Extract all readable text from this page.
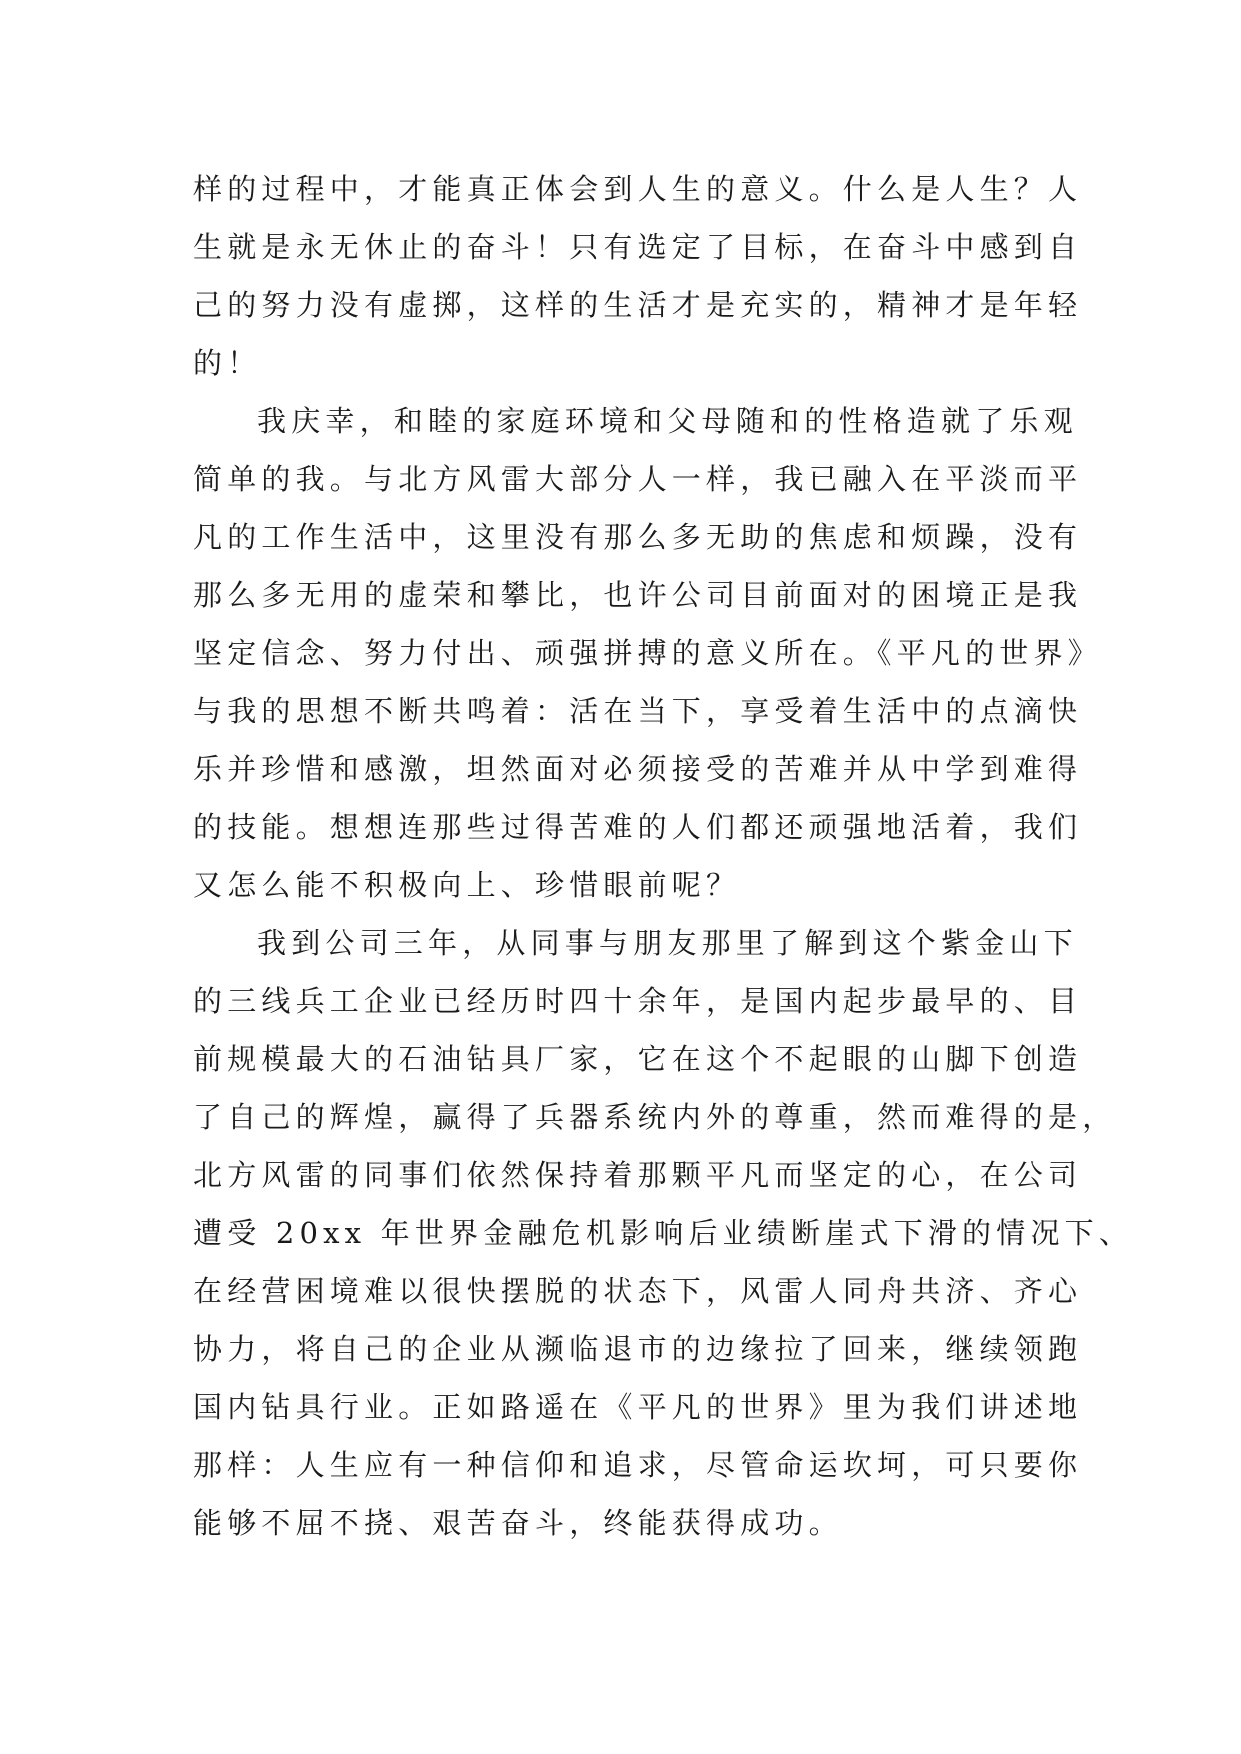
样的过程中，才能真正体会到人生的意义。什么是人生？人
生就是永无休止的奋斗！只有选定了目标，在奋斗中感到自
己的努力没有虚掷，这样的生活才是充实的，精神才是年轻
的！
我庆幸，和睦的家庭环境和父母随和的性格造就了乐观
简单的我。与北方风雷大部分人一样，我已融入在平淡而平
凡的工作生活中，这里没有那么多无助的焦虑和烦躁，没有
那么多无用的虚荣和攀比，也许公司目前面对的困境正是我
坚定信念、努力付出、顽强拼搏的意义所在。《平凡的世界》
与我的思想不断共鸣着：活在当下，享受着生活中的点滴快
乐并珍惜和感激，坦然面对必须接受的苦难并从中学到难得
的技能。想想连那些过得苦难的人们都还顽强地活着，我们
又怎么能不积极向上、珍惜眼前呢？
我到公司三年，从同事与朋友那里了解到这个紫金山下
的三线兵工企业已经历时四十余年，是国内起步最早的、目
前规模最大的石油钻具厂家，它在这个不起眼的山脚下创造
了自己的辉煌，赢得了兵器系统内外的尊重，然而难得的是，
北方风雷的同事们依然保持着那颗平凡而坚定的心，在公司
遭受 20xx 年世界金融危机影响后业绩断崖式下滑的情况下、
在经营困境难以很快摆脱的状态下，风雷人同舟共济、齐心
协力，将自己的企业从濒临退市的边缘拉了回来，继续领跑
国内钻具行业。正如路遥在《平凡的世界》里为我们讲述地
那样：人生应有一种信仰和追求，尽管命运坎坷，可只要你
能够不屈不挠、艰苦奋斗，终能获得成功。
